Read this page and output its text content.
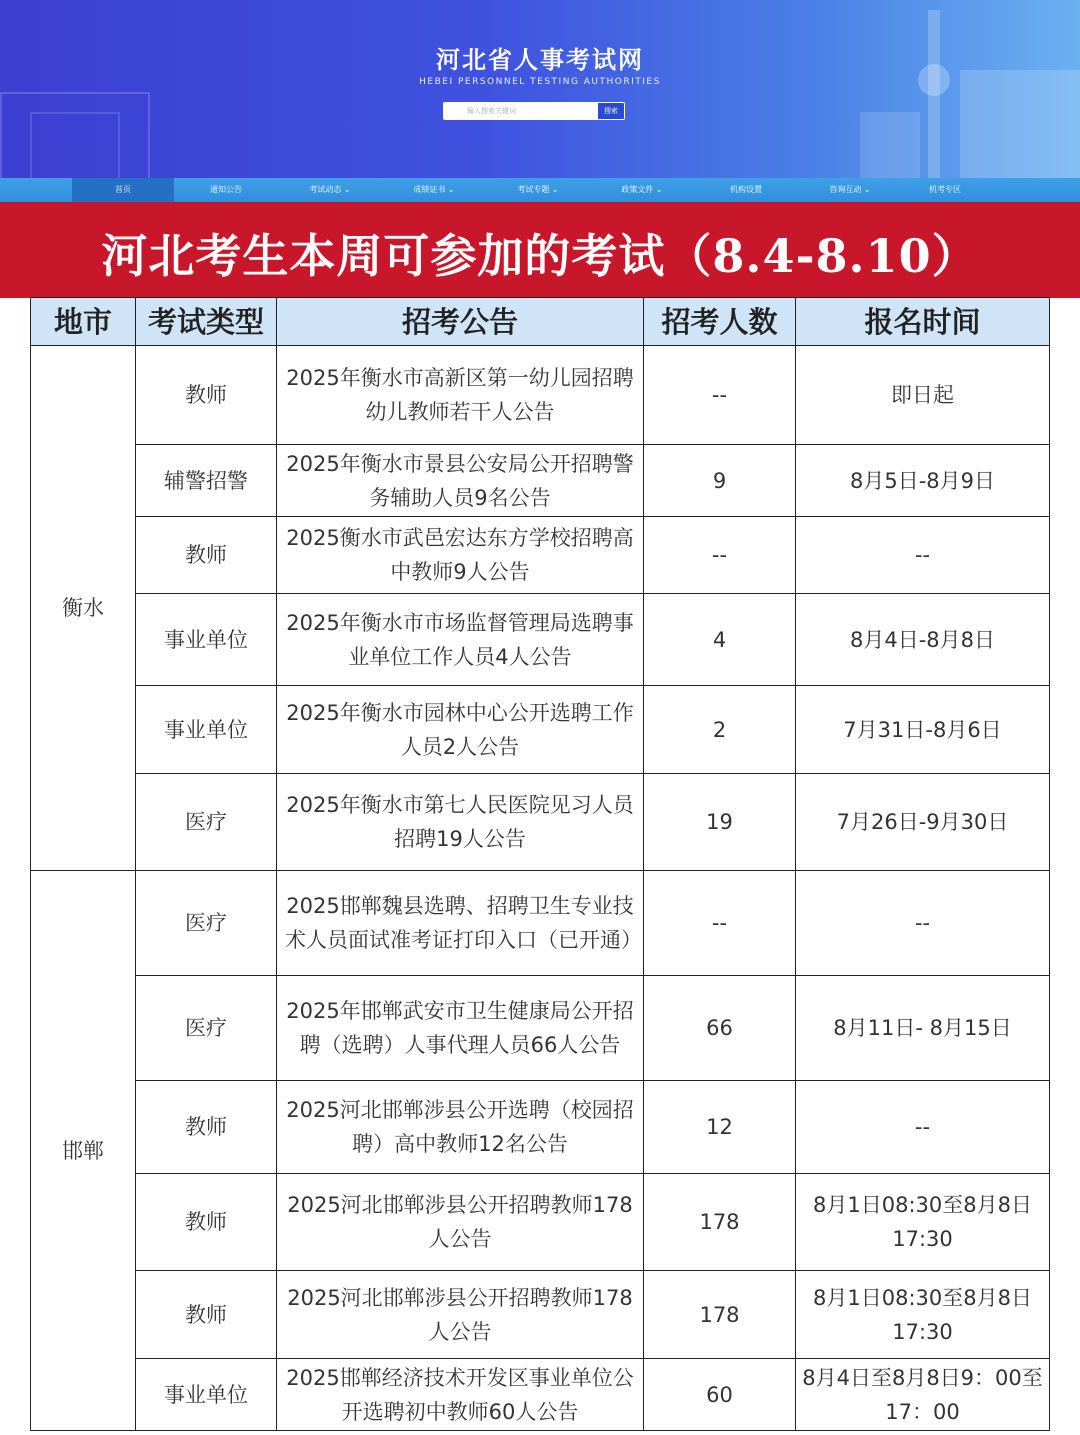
河北省人事考试网
HEBEI PERSONNEL TESTING AUTHORITIES
输入搜索关键词	搜索
首页	通知公告	考试动态 ⌄	成绩证书 ⌄	考试专题 ⌄	政策文件 ⌄	机构设置	咨询互动 ⌄	机考专区
河北考生本周可参加的考试（8.4-8.10）
地市	考试类型	招考公告	招考人数	报名时间
衡水	教师	2025年衡水市高新区第一幼儿园招聘幼儿教师若干人公告	--	即日起
	辅警招警	2025年衡水市景县公安局公开招聘警务辅助人员9名公告	9	8月5日-8月9日
	教师	2025衡水市武邑宏达东方学校招聘高中教师9人公告	--	--
	事业单位	2025年衡水市市场监督管理局选聘事业单位工作人员4人公告	4	8月4日-8月8日
	事业单位	2025年衡水市园林中心公开选聘工作人员2人公告	2	7月31日-8月6日
	医疗	2025年衡水市第七人民医院见习人员招聘19人公告	19	7月26日-9月30日
邯郸	医疗	2025邯郸魏县选聘、招聘卫生专业技术人员面试准考证打印入口（已开通）	--	--
	医疗	2025年邯郸武安市卫生健康局公开招聘（选聘）人事代理人员66人公告	66	8月11日- 8月15日
	教师	2025河北邯郸涉县公开选聘（校园招聘）高中教师12名公告	12	--
	教师	2025河北邯郸涉县公开招聘教师178人公告	178	8月1日08:30至8月8日17:30
	教师	2025河北邯郸涉县公开招聘教师178人公告	178	8月1日08:30至8月8日17:30
	事业单位	2025邯郸经济技术开发区事业单位公开选聘初中教师60人公告	60	8月4日至8月8日9：00至17：00
